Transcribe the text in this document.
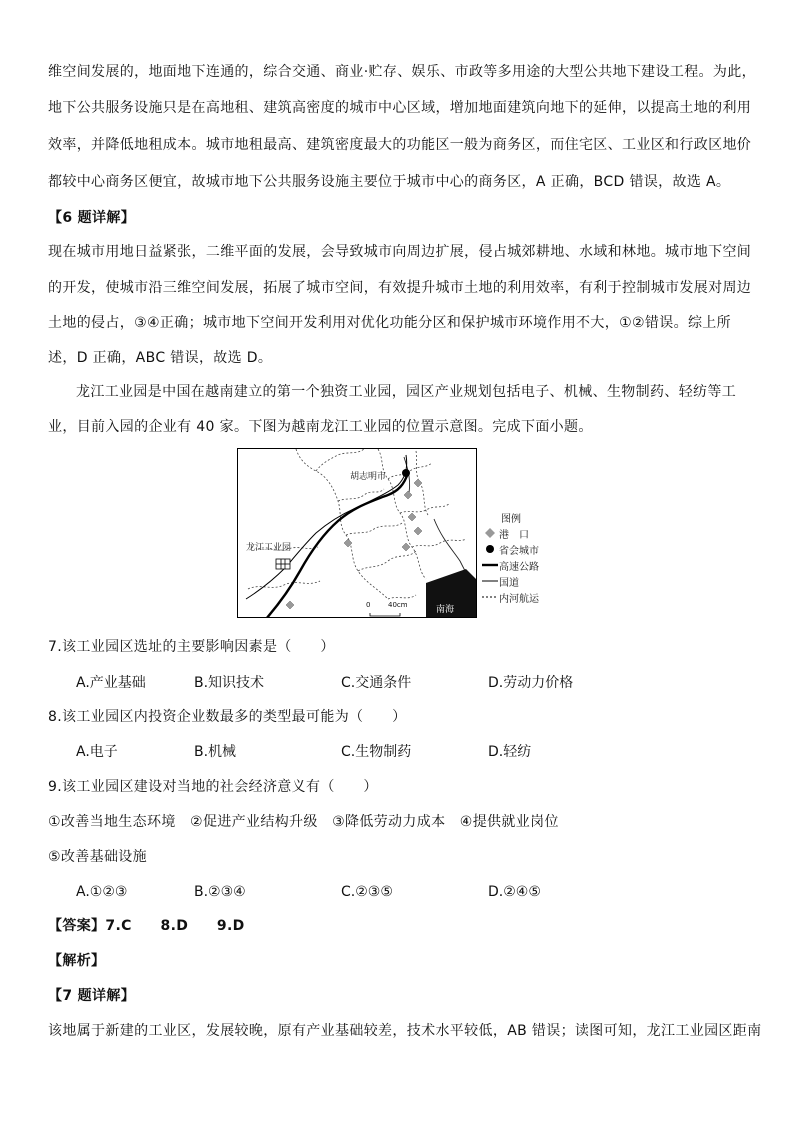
维空间发展的，地面地下连通的，综合交通、商业·贮存、娱乐、市政等多用途的大型公共地下建设工程。为此，
地下公共服务设施只是在高地租、建筑高密度的城市中心区域，增加地面建筑向地下的延伸，以提高土地的利用
效率，并降低地租成本。城市地租最高、建筑密度最大的功能区一般为商务区，而住宅区、工业区和行政区地价
都较中心商务区便宜，故城市地下公共服务设施主要位于城市中心的商务区，A 正确，BCD 错误，故选 A。
【6 题详解】
现在城市用地日益紧张，二维平面的发展，会导致城市向周边扩展，侵占城郊耕地、水域和林地。城市地下空间
的开发，使城市沿三维空间发展，拓展了城市空间，有效提升城市土地的利用效率，有利于控制城市发展对周边
土地的侵占，③④正确；城市地下空间开发利用对优化功能分区和保护城市环境作用不大，①②错误。综上所
述，D 正确，ABC 错误，故选 D。
龙江工业园是中国在越南建立的第一个独资工业园，园区产业规划包括电子、机械、生物制药、轻纺等工
业，目前入园的企业有 40 家。下图为越南龙江工业园的位置示意图。完成下面小题。
胡志明市
龙江工业园
南海
0	40cm
图例
港　口
省会城市
高速公路
国道
内河航运
7.该工业园区选址的主要影响因素是（　　）
A.产业基础	B.知识技术	C.交通条件	D.劳动力价格
8.该工业园区内投资企业数最多的类型最可能为（　　）
A.电子	B.机械	C.生物制药	D.轻纺
9.该工业园区建设对当地的社会经济意义有（　　）
①改善当地生态环境　②促进产业结构升级　③降低劳动力成本　④提供就业岗位
⑤改善基础设施
A.①②③	B.②③④	C.②③⑤	D.②④⑤
【答案】7.C　　8.D　　9.D
【解析】
【7 题详解】
该地属于新建的工业区，发展较晚，原有产业基础较差，技术水平较低，AB 错误；读图可知，龙江工业园区距南
